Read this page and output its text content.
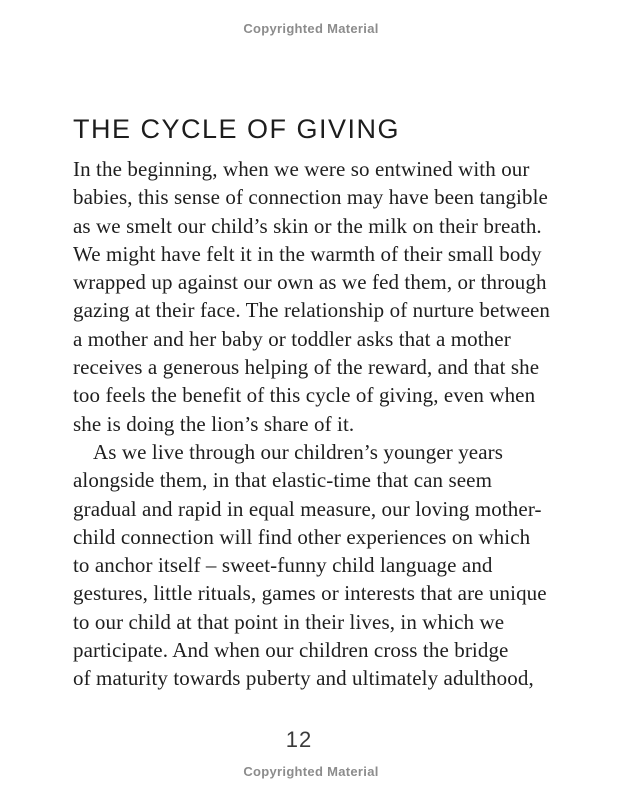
Copyrighted Material
THE CYCLE OF GIVING
In the beginning, when we were so entwined with our
babies, this sense of connection may have been tangible
as we smelt our child’s skin or the milk on their breath.
We might have felt it in the warmth of their small body
wrapped up against our own as we fed them, or through
gazing at their face. The relationship of nurture between
a mother and her baby or toddler asks that a mother
receives a generous helping of the reward, and that she
too feels the benefit of this cycle of giving, even when
she is doing the lion’s share of it.
As we live through our children’s younger years
alongside them, in that elastic-time that can seem
gradual and rapid in equal measure, our loving mother-
child connection will find other experiences on which
to anchor itself – sweet-funny child language and
gestures, little rituals, games or interests that are unique
to our child at that point in their lives, in which we
participate. And when our children cross the bridge
of maturity towards puberty and ultimately adulthood,
12
Copyrighted Material
